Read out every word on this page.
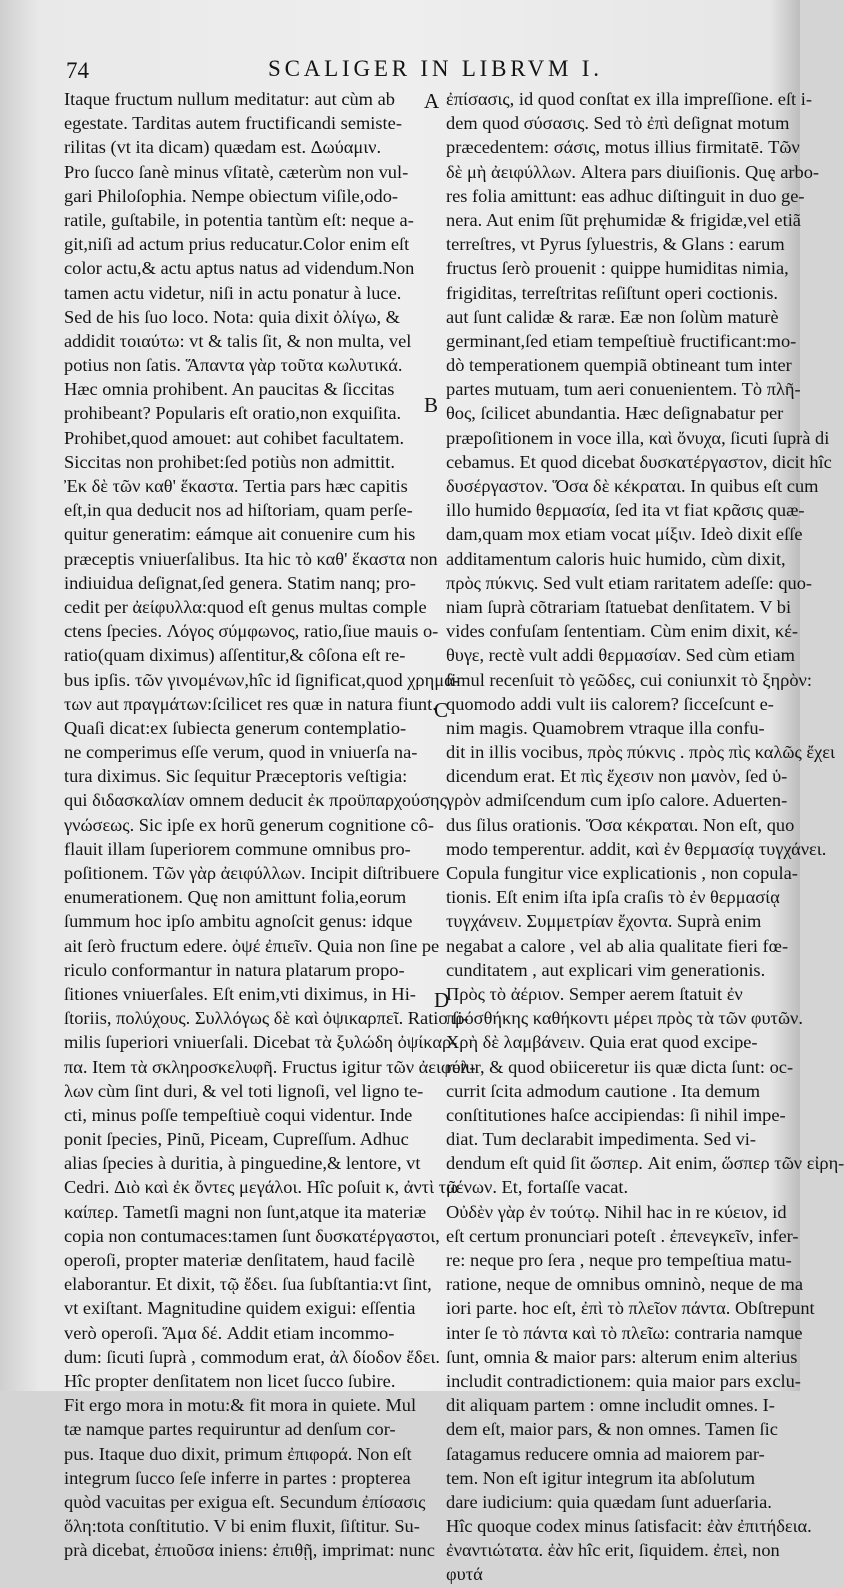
74	SCALIGER IN LIBRVM I.
A
B
C
D
Itaque fructum nullum meditatur: aut cùm ab
egestate. Tarditas autem fructificandi semiste-
rilitas (vt ita dicam) quædam est. Δωύαμιν.
Pro ſucco ſanè minus vſitatè, cæterùm non vul-
gari Philoſophia. Nempe obiectum viſile,odo-
ratile, guſtabile, in potentia tantùm eſt: neque a-
git,niſi ad actum prius reducatur.Color enim eſt
color actu,& actu aptus natus ad videndum.Non
tamen actu videtur, niſi in actu ponatur à luce.
Sed de his ſuo loco. Nota: quia dixit ὀλίγω, &
addidit τοιαύτω: vt & talis ſit, & non multa, vel
potius non ſatis. Ἅπαντα γὰρ τοῦτα κωλυτικά.
Hæc omnia prohibent. An paucitas & ſiccitas
prohibeant? Popularis eſt oratio,non exquiſita.
Prohibet,quod amouet: aut cohibet facultatem.
Siccitas non prohibet:ſed potiùs non admittit.
Ἐκ δὲ τῶν καθ' ἕκαστα. Tertia pars hæc capitis
eſt,in qua deducit nos ad hiſtoriam, quam perſe-
quitur generatim: eámque ait conuenire cum his
præceptis vniuerſalibus. Ita hic τὸ καθ' ἕκαστα non
indiuidua deſignat,ſed genera. Statim nanq; pro-
cedit per ἀείφυλλα:quod eſt genus multas comple
ctens ſpecies. Λόγος σύμφωνος, ratio,ſiue mauis o-
ratio(quam diximus) aſſentitur,& côſona eſt re-
bus ipſis. τῶν γινομένων,hîc id ſignificat,quod χρημά-
των aut πραγμάτων:ſcilicet res quæ in natura fiunt.
Quaſi dicat:ex ſubiecta generum contemplatio-
ne comperimus eſſe verum, quod in vniuerſa na-
tura diximus. Sic ſequitur Præceptoris veſtigia:
qui διδασκαλίαν omnem deducit ἐκ προϋπαρχούσης
γνώσεως. Sic ipſe ex horũ generum cognitione cô-
flauit illam ſuperiorem commune omnibus pro-
poſitionem. Τῶν γὰρ ἀειφύλλων. Incipit diſtribuere
enumerationem. Quę non amittunt folia,eorum
ſummum hoc ipſo ambitu agnoſcit genus: idque
ait ſerò fructum edere. ὀψέ ἐπιεῖν. Quia non ſine pe
riculo conformantur in natura platarum propo-
ſitiones vniuerſales. Eſt enim,vti diximus, in Hi-
ſtoriis, πολύχους. Συλλόγως δὲ καὶ ὀψικαρπεῖ. Ratio ſi-
milis ſuperiori vniuerſali. Dicebat τὰ ξυλώδη ὀψίκαρ-
πα. Item τὰ σκληροσκελυφῆ. Fructus igitur τῶν ἀειφύλ-
λων cùm ſint duri, & vel toti lignoſi, vel ligno te-
cti, minus poſſe tempeſtiuè coqui videntur. Inde
ponit ſpecies, Pinũ, Piceam, Cupreſſum. Adhuc
alias ſpecies à duritia, à pinguedine,& lentore, vt
Cedri. Διὸ καὶ ἐκ ὄντες μεγάλοι. Hîc poſuit κ, ἀντὶ τῶ
καίπερ. Tametſi magni non ſunt,atque ita materiæ
copia non contumaces:tamen ſunt δυσκατέργαστοι,
operoſi, propter materiæ denſitatem, haud facilè
elaborantur. Et dixit, τῷ ἔδει. ſua ſubſtantia:vt ſint,
vt exiſtant. Magnitudine quidem exigui: eſſentia
verò operoſi. Ἅμα δέ. Addit etiam incommo-
dum: ſicuti ſuprà , commodum erat, ἀλ δίοδον ἔδει.
Hîc propter denſitatem non licet ſucco ſubire.
Fit ergo mora in motu:& fit mora in quiete. Mul
tæ namque partes requiruntur ad denſum cor-
pus. Itaque duo dixit, primum ἐπιφορά. Non eſt
integrum ſucco ſeſe inferre in partes : propterea
quòd vacuitas per exigua eſt. Secundum ἐπίσασις
ὅλη:tota conſtitutio. V bi enim fluxit, ſiſtitur. Su-
prà dicebat, ἐπιοῦσα iniens: ἐπιθῇ, imprimat: nunc
ἐπίσασις, id quod conſtat ex illa impreſſione. eſt i-
dem quod σύσασις. Sed τὸ ἐπὶ deſignat motum
præcedentem: σάσις, motus illius firmitatē. Τῶν
δὲ μὴ ἀειφύλλων. Altera pars diuiſionis. Quę arbo-
res folia amittunt: eas adhuc diſtinguit in duo ge-
nera. Aut enim ſũt pręhumidæ & frigidæ,vel etiã
terreſtres, vt Pyrus ſyluestris, & Glans : earum
fructus ſerò prouenit : quippe humiditas nimia,
frigiditas, terreſtritas reſiſtunt operi coctionis.
aut ſunt calidæ & raræ. Eæ non ſolùm maturè
germinant,ſed etiam tempeſtiuè fructificant:mo-
dò temperationem quempiã obtineant tum inter
partes mutuam, tum aeri conuenientem. Τὸ πλῆ-
θος, ſcilicet abundantia. Hæc deſignabatur per
præpoſitionem in voce illa, καὶ ὄνυχα, ſicuti ſuprà di
cebamus. Et quod dicebat δυσκατέργαστον, dicit hîc
δυσέργαστον. Ὅσα δὲ κέκραται. In quibus eſt cum
illo humido θερμασία, ſed ita vt fiat κρᾶσις quæ-
dam,quam mox etiam vocat μίξιν. Ideò dixit eſſe
additamentum caloris huic humido, cùm dixit,
πρὸς πύκνις. Sed vult etiam raritatem adeſſe: quo-
niam ſuprà cõtrariam ſtatuebat denſitatem. V bi
vides confuſam ſententiam. Cùm enim dixit, κέ-
θυγε, rectè vult addi θερμασίαν. Sed cùm etiam
ſimul recenſuit τὸ γεῶδες, cui coniunxit τὸ ξηρὸν:
quomodo addi vult iis calorem? ſicceſcunt e-
nim magis. Quamobrem vtraque illa confu-
dit in illis vocibus, πρὸς πύκνις . πρὸς πὶς καλῶς ἔχει
dicendum erat. Et πὶς ἔχεσιν non μανὸν, ſed ὑ-
γρὸν admiſcendum cum ipſo calore. Aduerten-
dus ſilus orationis. Ὅσα κέκραται. Non eſt, quo
modo temperentur. addit, καὶ ἐν θερμασίᾳ τυγχάνει.
Copula fungitur vice explicationis , non copula-
tionis. Eſt enim iſta ipſa craſis τὸ ἐν θερμασίᾳ
τυγχάνειν. Συμμετρίαν ἔχοντα. Suprà enim
negabat a calore , vel ab alia qualitate fieri fœ-
cunditatem , aut explicari vim generationis.
Πρὸς τὸ ἀέριον. Semper aerem ſtatuit ἐν
πρόσθήκης καθήκοντι μέρει πρὸς τὰ τῶν φυτῶν.
Χρὴ δὲ λαμβάνειν. Quia erat quod excipe-
retur, & quod obiiceretur iis quæ dicta ſunt: oc-
currit ſcita admodum cautione . Ita demum
conſtitutiones haſce accipiendas: ſi nihil impe-
diat. Tum declarabit impedimenta. Sed vi-
dendum eſt quid ſit ὥσπερ. Ait enim, ὥσπερ τῶν εἰρη-
μένων. Et, fortaſſe vacat.
Οὐδὲν γὰρ ἐν τούτῳ. Nihil hac in re κύειον, id
eſt certum pronunciari poteſt . ἐπενεγκεῖν, infer-
re: neque pro ſera , neque pro tempeſtiua matu-
ratione, neque de omnibus omninò, neque de ma
iori parte. hoc eſt, ἐπὶ τὸ πλεῖον πάντα. Obſtrepunt
inter ſe τὸ πάντα καὶ τὸ πλεῖω: contraria namque
ſunt, omnia & maior pars: alterum enim alterius
includit contradictionem: quia maior pars exclu-
dit aliquam partem : omne includit omnes. I-
dem eſt, maior pars, & non omnes. Tamen ſic
ſatagamus reducere omnia ad maiorem par-
tem. Non eſt igitur integrum ita abſolutum
dare iudicium: quia quædam ſunt aduerſaria.
Hîc quoque codex minus ſatisfacit: ἐὰν ἐπιτήδεια.
ἐναντιώτατα. ἐὰν hîc erit, ſiquidem. ἐπεὶ, non
φυτά
